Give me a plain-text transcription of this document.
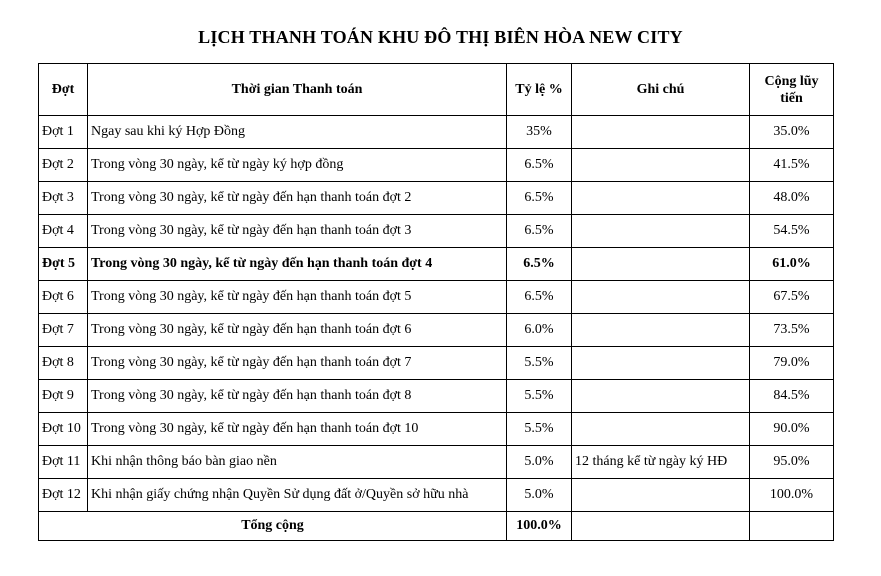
LỊCH THANH TOÁN KHU ĐÔ THỊ BIÊN HÒA NEW CITY
Đợt	Thời gian Thanh toán	Tỷ lệ %	Ghi chú	Cộng lũy tiến
Đợt 1	Ngay sau khi ký Hợp Đồng	35%		35.0%
Đợt 2	Trong vòng 30 ngày, kể từ ngày ký hợp đồng	6.5%		41.5%
Đợt 3	Trong vòng 30 ngày, kể từ ngày đến hạn thanh toán đợt 2	6.5%		48.0%
Đợt 4	Trong vòng 30 ngày, kể từ ngày đến hạn thanh toán đợt 3	6.5%		54.5%
Đợt 5	Trong vòng 30 ngày, kể từ ngày đến hạn thanh toán đợt 4	6.5%		61.0%
Đợt 6	Trong vòng 30 ngày, kể từ ngày đến hạn thanh toán đợt 5	6.5%		67.5%
Đợt 7	Trong vòng 30 ngày, kể từ ngày đến hạn thanh toán đợt 6	6.0%		73.5%
Đợt 8	Trong vòng 30 ngày, kể từ ngày đến hạn thanh toán đợt 7	5.5%		79.0%
Đợt 9	Trong vòng 30 ngày, kể từ ngày đến hạn thanh toán đợt 8	5.5%		84.5%
Đợt 10	Trong vòng 30 ngày, kể từ ngày đến hạn thanh toán đợt 10	5.5%		90.0%
Đợt 11	Khi nhận thông báo bàn giao nền	5.0%	12 tháng kể từ ngày ký HĐ	95.0%
Đợt 12	Khi nhận giấy chứng nhận Quyền Sử dụng đất ở/Quyền sở hữu nhà	5.0%		100.0%
Tổng cộng		100.0%		
